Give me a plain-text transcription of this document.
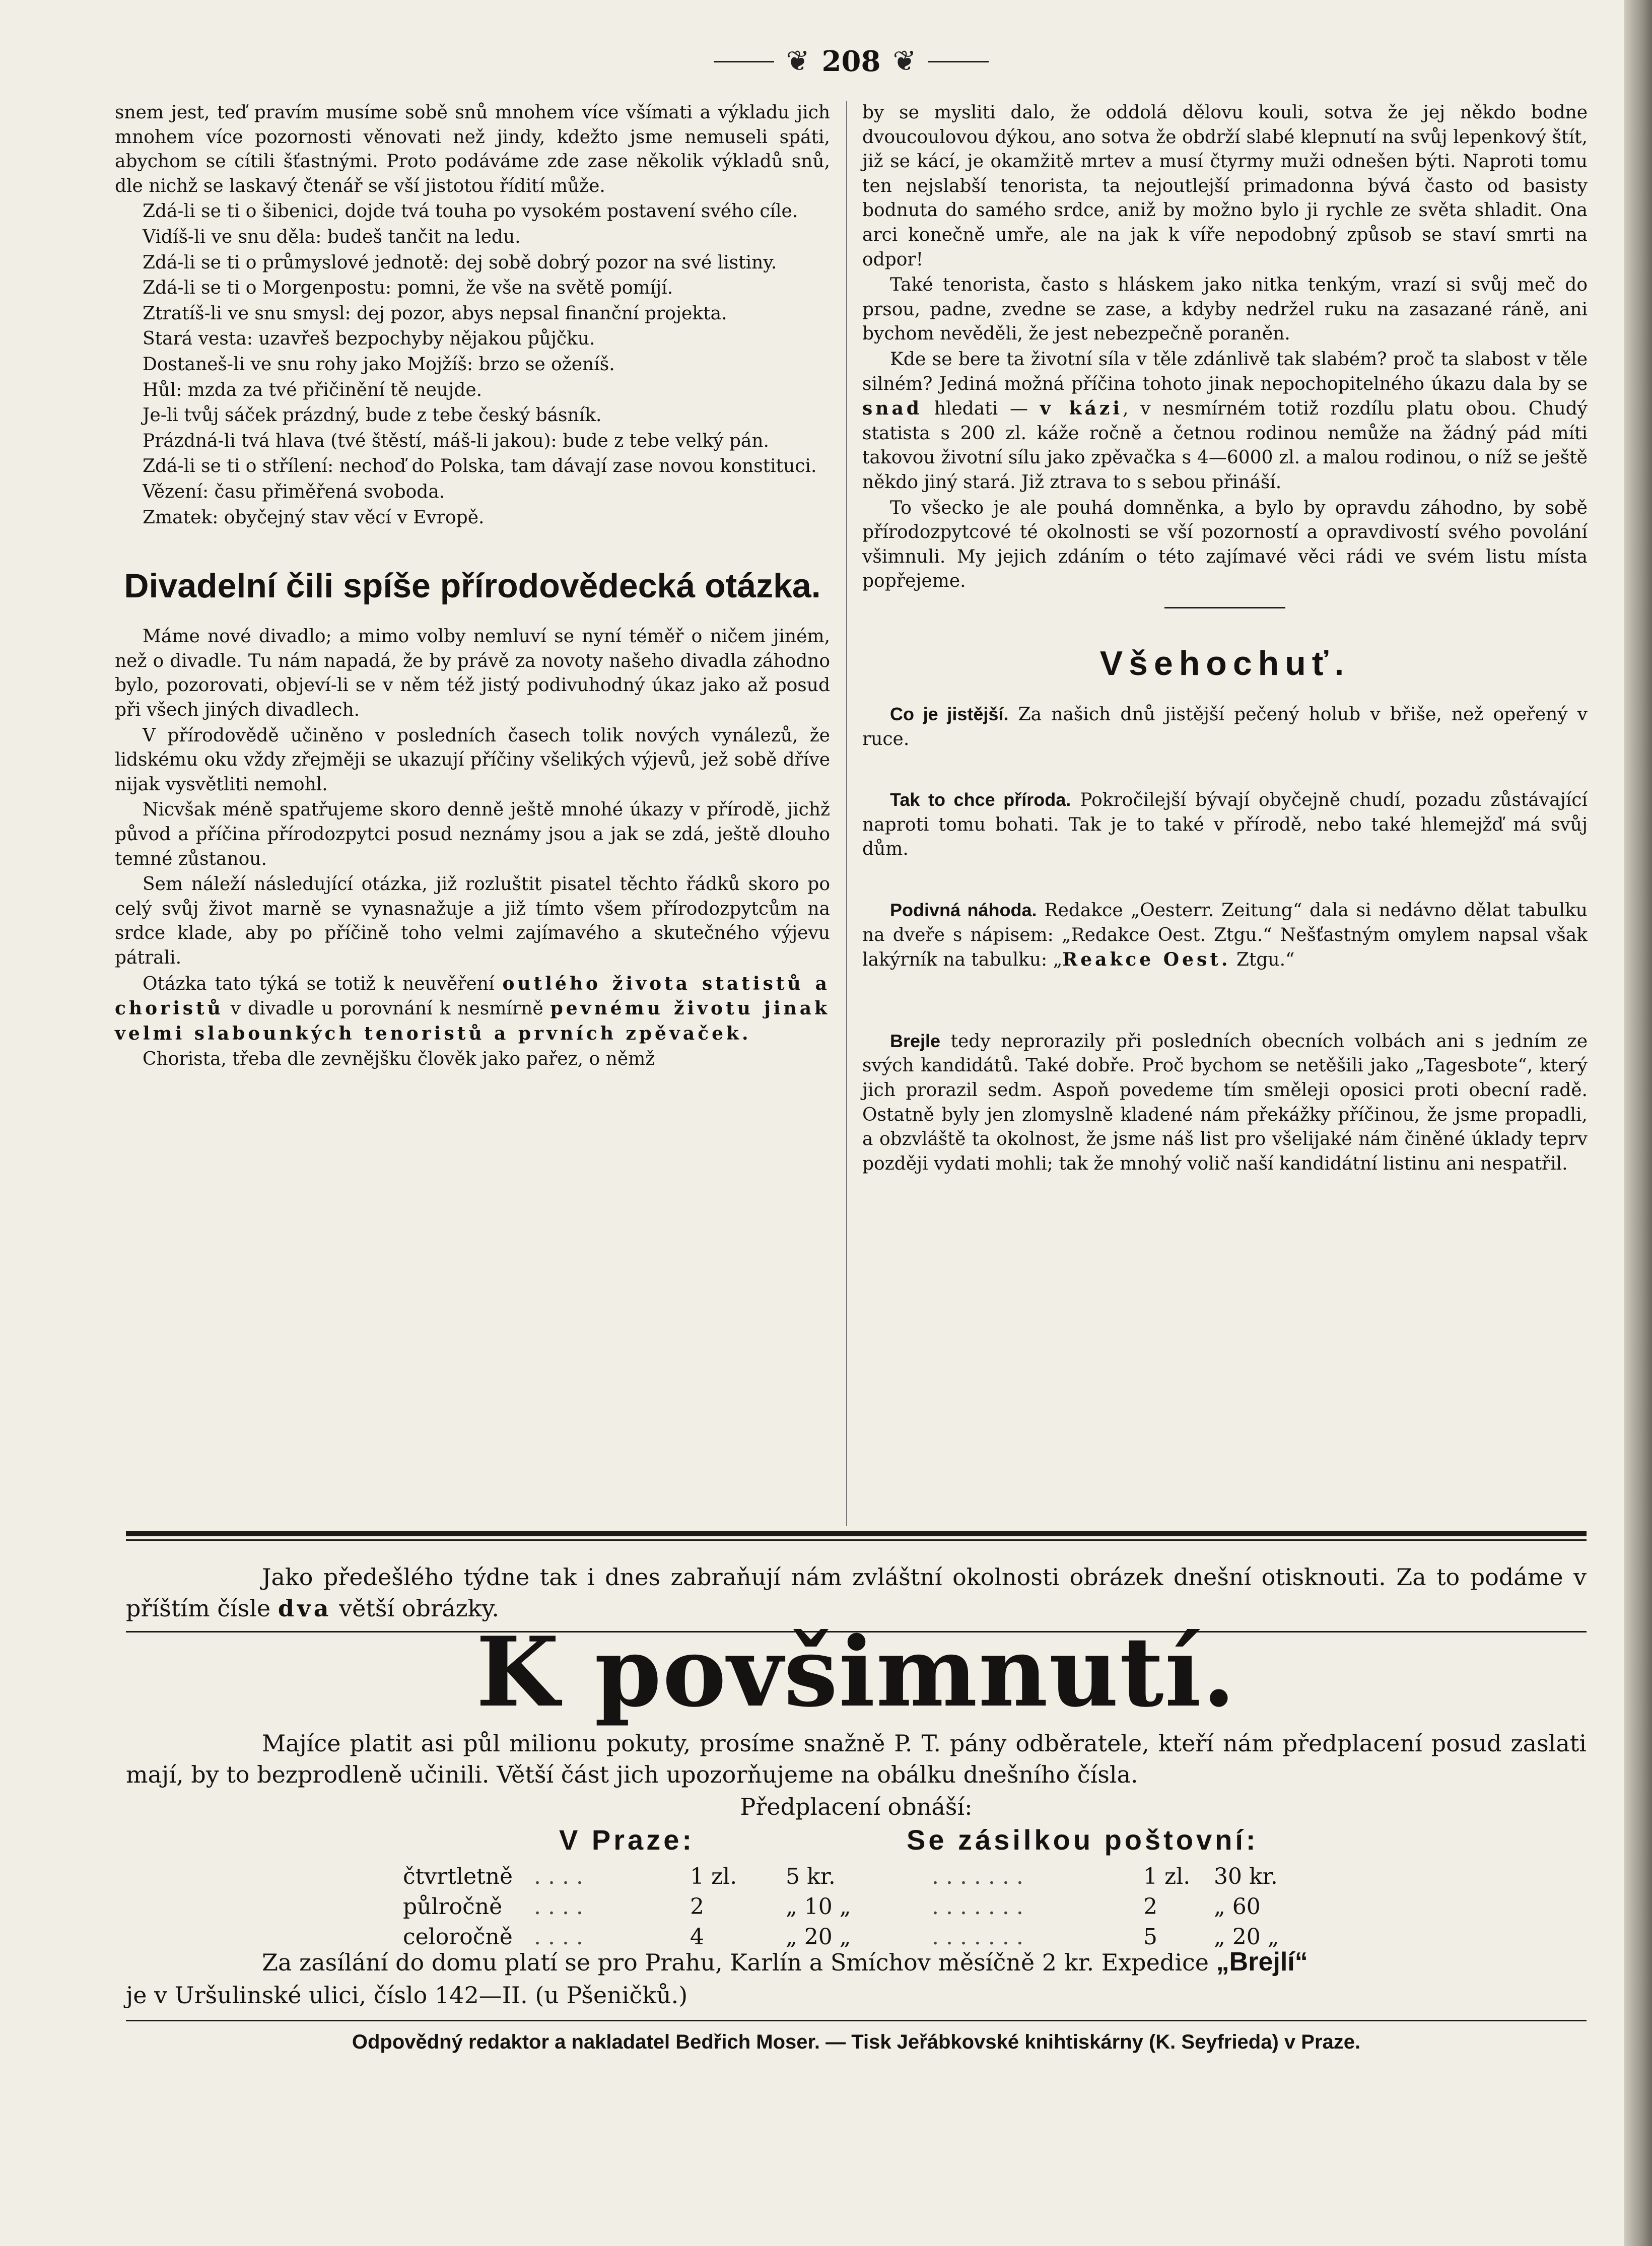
❦ 208 ❦

snem jest, teď pravím musíme sobě snů mnohem více všímati a výkladu jich mnohem více pozornosti věnovati než jindy, kdežto jsme nemuseli spáti, abychom se cítili šťastnými. Proto podáváme zde zase několik výkladů snů, dle nichž se laskavý čtenář se vší jistotou řídití může.

Zdá-li se ti o šibenici, dojde tvá touha po vysokém postavení svého cíle.

Vidíš-li ve snu děla: budeš tančit na ledu.

Zdá-li se ti o průmyslové jednotě: dej sobě dobrý pozor na své listiny.

Zdá-li se ti o Morgenpostu: pomni, že vše na světě pomíjí.

Ztratíš-li ve snu smysl: dej pozor, abys nepsal finanční projekta.

Stará vesta: uzavřeš bezpochyby nějakou půjčku.

Dostaneš-li ve snu rohy jako Mojžíš: brzo se oženíš.

Hůl: mzda za tvé přičinění tě neujde.

Je-li tvůj sáček prázdný, bude z tebe český básník.

Prázdná-li tvá hlava (tvé štěstí, máš-li jakou): bude z tebe velký pán.

Zdá-li se ti o střílení: nechoď do Polska, tam dávají zase novou konstituci.

Vězení: času přiměřená svoboda.

Zmatek: obyčejný stav věcí v Evropě.

Divadelní čili spíše přírodovědecká otázka.

Máme nové divadlo; a mimo volby nemluví se nyní téměř o ničem jiném, než o divadle. Tu nám napadá, že by právě za novoty našeho divadla záhodno bylo, pozorovati, objeví-li se v něm též jistý podivuhodný úkaz jako až posud při všech jiných divadlech.

V přírodovědě učiněno v posledních časech tolik nových vynálezů, že lidskému oku vždy zřejměji se ukazují příčiny všelikých výjevů, jež sobě dříve nijak vysvětliti nemohl.

Nicvšak méně spatřujeme skoro denně ještě mnohé úkazy v přírodě, jichž původ a příčina přírodozpytci posud neznámy jsou a jak se zdá, ještě dlouho temné zůstanou.

Sem náleží následující otázka, již rozluštit pisatel těchto řádků skoro po celý svůj život marně se vynasnažuje a již tímto všem přírodozpytcům na srdce klade, aby po příčině toho velmi zajímavého a skutečného výjevu pátrali.

Otázka tato týká se totiž k neuvěření outlého života statistů a choristů v divadle u porovnání k nesmírně pevnému životu jinak velmi slabounkých tenoristů a prvních zpěvaček.

Chorista, třeba dle zevnějšku člověk jako pařez, o němž

by se mysliti dalo, že oddolá dělovu kouli, sotva že jej někdo bodne dvoucoulovou dýkou, ano sotva že obdrží slabé klepnutí na svůj lepenkový štít, již se kácí, je okamžitě mrtev a musí čtyrmy muži odnešen býti. Naproti tomu ten nejslabší tenorista, ta nejoutlejší primadonna bývá často od basisty bodnuta do samého srdce, aniž by možno bylo ji rychle ze světa shladit. Ona arci konečně umře, ale na jak k víře nepodobný způsob se staví smrti na odpor!

Také tenorista, často s hláskem jako nitka tenkým, vrazí si svůj meč do prsou, padne, zvedne se zase, a kdyby nedržel ruku na zasazané ráně, ani bychom nevěděli, že jest nebezpečně poraněn.

Kde se bere ta životní síla v těle zdánlivě tak slabém? proč ta slabost v těle silném? Jediná možná příčina tohoto jinak nepochopitelného úkazu dala by se snad hledati — v kázi, v nesmírném totiž rozdílu platu obou. Chudý statista s 200 zl. káže ročně a četnou rodinou nemůže na žádný pád míti takovou životní sílu jako zpěvačka s 4—6000 zl. a malou rodinou, o níž se ještě někdo jiný stará. Již ztrava to s sebou přináší.

To všecko je ale pouhá domněnka, a bylo by opravdu záhodno, by sobě přírodozpytcové té okolnosti se vší pozorností a opravdivostí svého povolání všimnuli. My jejich zdáním o této zajímavé věci rádi ve svém listu místa popřejeme.

Všehochuť.

Co je jistější. Za našich dnů jistější pečený holub v břiše, než opeřený v ruce.

Tak to chce příroda. Pokročilejší bývají obyčejně chudí, pozadu zůstávající naproti tomu bohati. Tak je to také v přírodě, nebo také hlemejžď má svůj dům.

Podivná náhoda. Redakce „Oesterr. Zeitung“ dala si nedávno dělat tabulku na dveře s nápisem: „Redakce Oest. Ztgu.“ Nešťastným omylem napsal však lakýrník na tabulku: „Reakce Oest. Ztgu.“

Brejle tedy neprorazily při posledních obecních volbách ani s jedním ze svých kandidátů. Také dobře. Proč bychom se netěšili jako „Tagesbote“, který jich prorazil sedm. Aspoň povedeme tím směleji oposici proti obecní radě. Ostatně byly jen zlomyslně kladené nám překážky příčinou, že jsme propadli, a obzvláště ta okolnost, že jsme náš list pro všelijaké nám činěné úklady teprv později vydati mohli; tak že mnohý volič naší kandidátní listinu ani nespatřil.

Jako předešlého týdne tak i dnes zabraňují nám zvláštní okolnosti obrázek dnešní otisknouti. Za to podáme v příštím čísle dva větší obrázky.

K povšimnutí.

Majíce platit asi půl milionu pokuty, prosíme snažně P. T. pány odběratele, kteří nám předplacení posud zaslati mají, by to bezprodleně učinili. Větší část jich upozorňujeme na obálku dnešního čísla.

Předplacení obnáší:
V Praze:	Se zásilkou poštovní:
čtvrtletně . . . .	1 zl. 5 kr.	. . . . . . .	1 zl. 30 kr.
půlročně . . . .	2	„ 10 „	. . . . . . .	2	„ 60
celoročně . . . .	4	„ 20 „	. . . . . . .	5	„ 20 „

Za zasílání do domu platí se pro Prahu, Karlín a Smíchov měsíčně 2 kr. Expedice „Brejlí“

je v Uršulinské ulici, číslo 142—II. (u Pšeničků.)

Odpovědný redaktor a nakladatel Bedřich Moser. — Tisk Jeřábkovské knihtiskárny (K. Seyfrieda) v Praze.
